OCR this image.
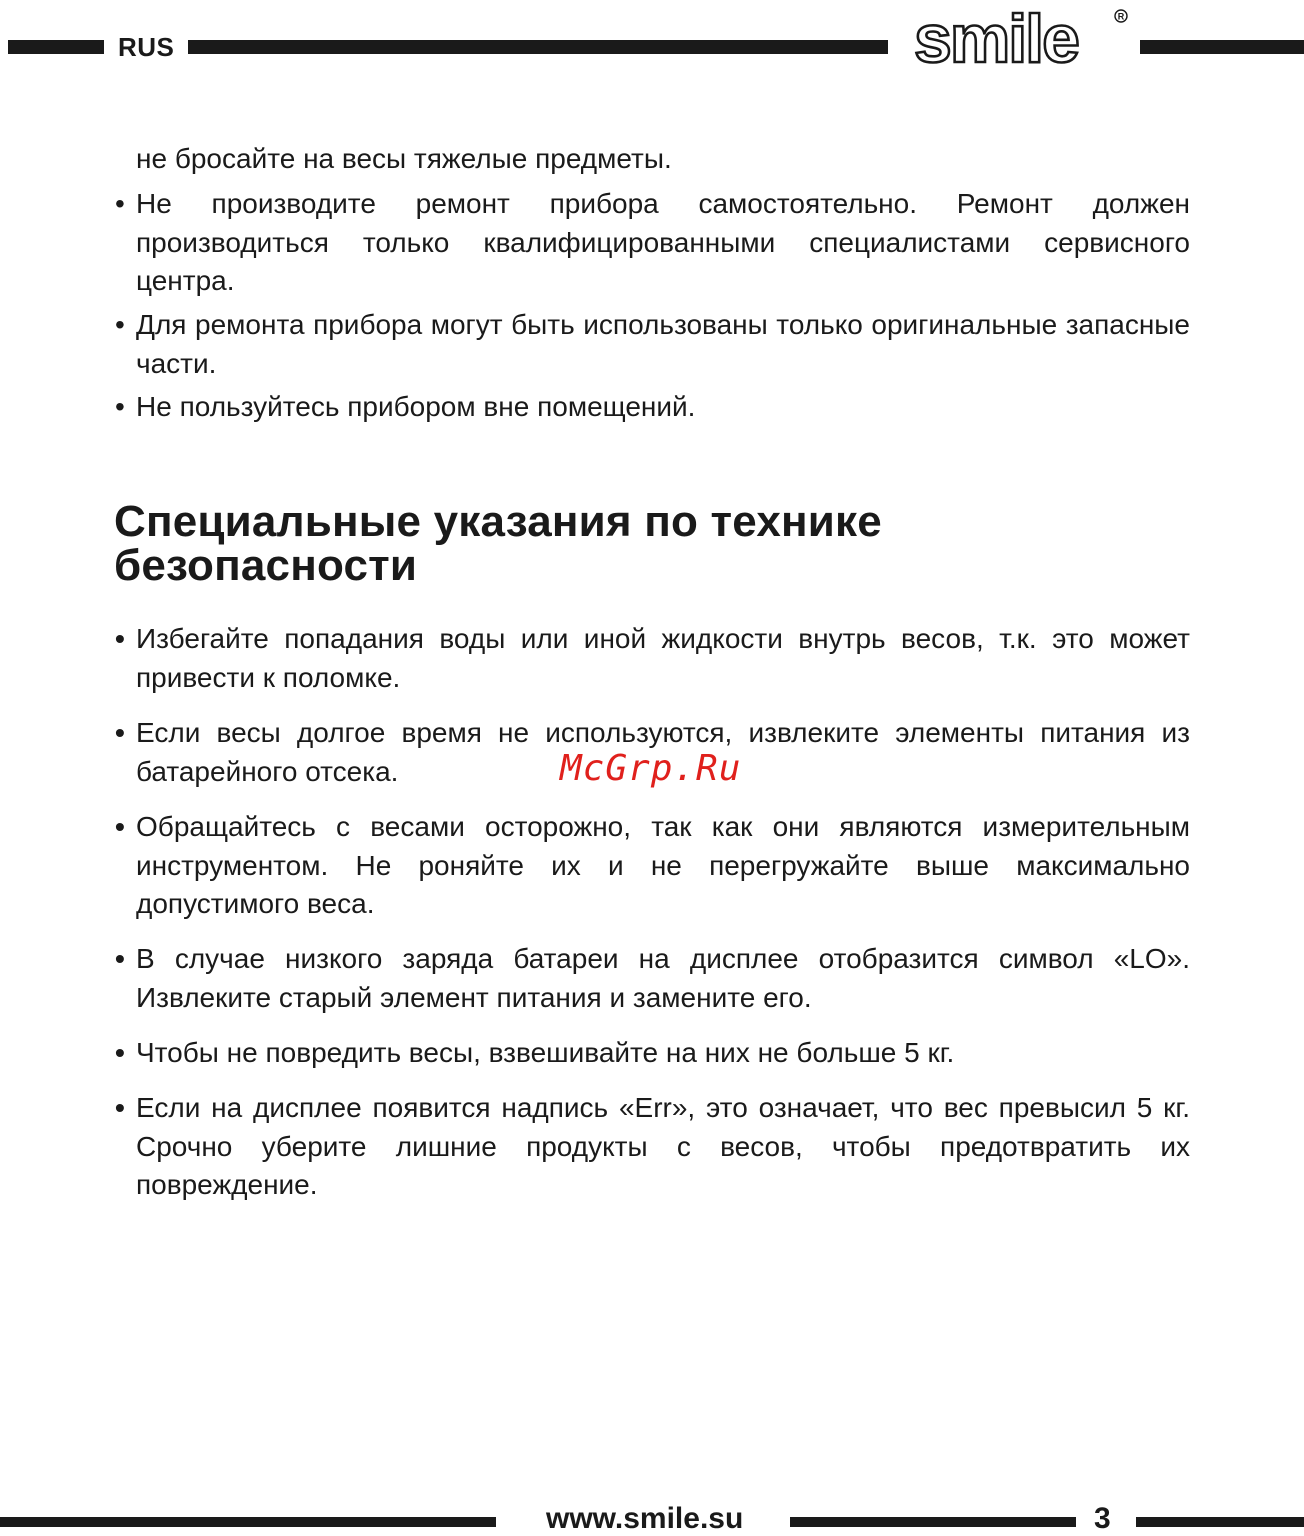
RUS	smile	R
не бросайте на весы тяжелые предметы.
• Не производите ремонт прибора самостоятельно. Ремонт должен производиться только квалифицированными специалистами сервисного центра.
• Для ремонта прибора могут быть использованы только оригинальные запасные части.
• Не пользуйтесь прибором вне помещений.
Специальные указания по технике
безопасности
• Избегайте попадания воды или иной жидкости внутрь весов, т.к. это может привести к поломке.
• Если весы долгое время не используются, извлеките элементы питания из батарейного отсека.
• Обращайтесь с весами осторожно, так как они являются измерительным инструментом. Не роняйте их и не перегружайте выше максимально допустимого веса.
• В случае низкого заряда батареи на дисплее отобразится символ «LO». Извлеките старый элемент питания и замените его.
• Чтобы не повредить весы, взвешивайте на них не больше 5 кг.
• Если на дисплее появится надпись «Err», это означает, что вес превысил 5 кг. Срочно уберите лишние продукты с весов, чтобы предотвратить их повреждение.
McGrp.Ru
www.smile.su	3
